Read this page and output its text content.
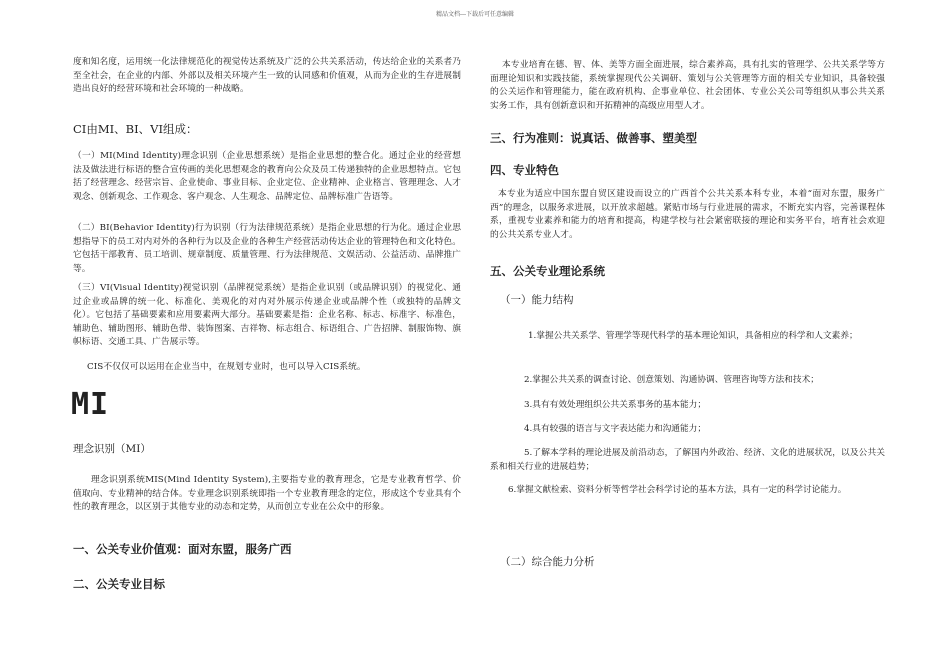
精品文档---下载后可任意编辑

度和知名度，运用统一化法律规范化的视觉传达系统及广泛的公共关系活动，传达给企业的关系者乃至全社会，在企业的内部、外部以及相关环境产生一致的认同感和价值观，从而为企业的生存进展制造出良好的经营环境和社会环境的一种战略。

CI由MI、BI、VI组成：

（一）MI(Mind Identity)理念识别（企业思想系统）是指企业思想的整合化。通过企业的经营想法及做法进行标语的整合宣传画的美化思想观念的教育向公众及员工传递独特的企业思想特点。它包括了经营理念、经营宗旨、企业使命、事业目标、企业定位、企业精神、企业格言、管理理念、人才观念、创新观念、工作观念、客户观念、人生观念、品牌定位、品牌标准广告语等。

（二）BI(Behavior Identity)行为识别（行为法律规范系统）是指企业思想的行为化。通过企业思想指导下的员工对内对外的各种行为以及企业的各种生产经营活动传达企业的管理特色和文化特色。它包括干部教育、员工培训、规章制度、质量管理、行为法律规范、文娱活动、公益活动、品牌推广等。

（三）VI(Visual Identity)视觉识别（品牌视觉系统）是指企业识别（或品牌识别）的视觉化、通过企业或品牌的统一化、标准化、美观化的对内对外展示传递企业或品牌个性（或独特的品牌文化）。它包括了基础要素和应用要素两大部分。基础要素是指：企业名称、标志、标准字、标准色，辅助色、辅助图形、辅助色带、装饰图案、吉祥物、标志组合、标语组合、广告招牌、制服饰物、旗帜标语、交通工具、广告展示等。

CIS不仅仅可以运用在企业当中，在规划专业时，也可以导入CIS系统。

MI
理念识别（MI）

理念识别系统MIS(Mind Identity System),主要指专业的教育理念，它是专业教育哲学、价值取向、专业精神的结合体。专业理念识别系统即指一个专业教育理念的定位，形成这个专业具有个性的教育理念，以区别于其他专业的动态和定势，从而创立专业在公众中的形象。

一、公关专业价值观：面对东盟，服务广西
二、公关专业目标

本专业培育在德、智、体、美等方面全面进展，综合素养高，具有扎实的管理学、公共关系学等方面理论知识和实践技能，系统掌握现代公关调研、策划与公关管理等方面的相关专业知识，具备较强的公关运作和管理能力，能在政府机构、企事业单位、社会团体、专业公关公司等组织从事公共关系实务工作，具有创新意识和开拓精神的高级应用型人才。

三、行为准则：说真话、做善事、塑美型
四、专业特色

本专业为适应中国东盟自贸区建设而设立的广西首个公共关系本科专业，本着“面对东盟，服务广西”的理念，以服务求进展，以开放求超越。紧贴市场与行业进展的需求，不断充实内容，完善课程体系，重视专业素养和能力的培育和提高，构建学校与社会紧密联接的理论和实务平台，培育社会欢迎的公共关系专业人才。

五、公关专业理论系统
（一）能力结构

1.掌握公共关系学、管理学等现代科学的基本理论知识，具备相应的科学和人文素养；

2.掌握公共关系的调查讨论、创意策划、沟通协调、管理咨询等方法和技术；

3.具有有效处理组织公共关系事务的基本能力；

4.具有较强的语言与文字表达能力和沟通能力；

5.了解本学科的理论进展及前沿动态，了解国内外政治、经济、文化的进展状况，以及公共关系和相关行业的进展趋势；

6.掌握文献检索、资料分析等哲学社会科学讨论的基本方法，具有一定的科学讨论能力。

（二）综合能力分析
